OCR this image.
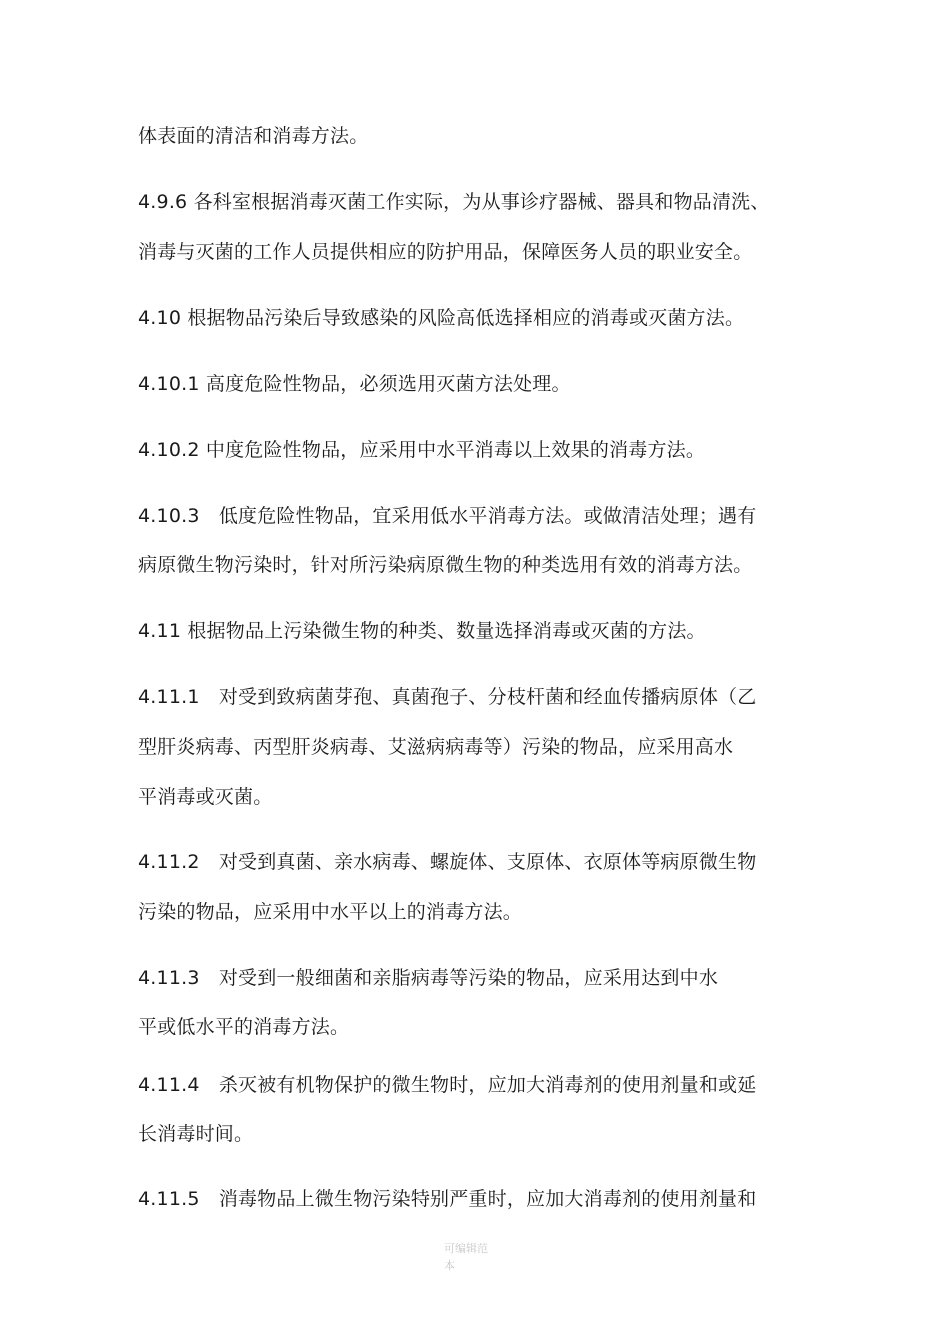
体表面的清洁和消毒方法。
4.9.6 各科室根据消毒灭菌工作实际，为从事诊疗器械、器具和物品清洗、
消毒与灭菌的工作人员提供相应的防护用品，保障医务人员的职业安全。
4.10 根据物品污染后导致感染的风险高低选择相应的消毒或灭菌方法。
4.10.1 高度危险性物品，必须选用灭菌方法处理。
4.10.2 中度危险性物品，应采用中水平消毒以上效果的消毒方法。
4.10.3　低度危险性物品，宜采用低水平消毒方法。或做清洁处理；遇有
病原微生物污染时，针对所污染病原微生物的种类选用有效的消毒方法。
4.11 根据物品上污染微生物的种类、数量选择消毒或灭菌的方法。
4.11.1　对受到致病菌芽孢、真菌孢子、分枝杆菌和经血传播病原体（乙
型肝炎病毒、丙型肝炎病毒、艾滋病病毒等）污染的物品，应采用高水
平消毒或灭菌。
4.11.2　对受到真菌、亲水病毒、螺旋体、支原体、衣原体等病原微生物
污染的物品，应采用中水平以上的消毒方法。
4.11.3　对受到一般细菌和亲脂病毒等污染的物品，应采用达到中水
平或低水平的消毒方法。
4.11.4　杀灭被有机物保护的微生物时，应加大消毒剂的使用剂量和或延
长消毒时间。
4.11.5　消毒物品上微生物污染特别严重时，应加大消毒剂的使用剂量和
可编辑范
本
